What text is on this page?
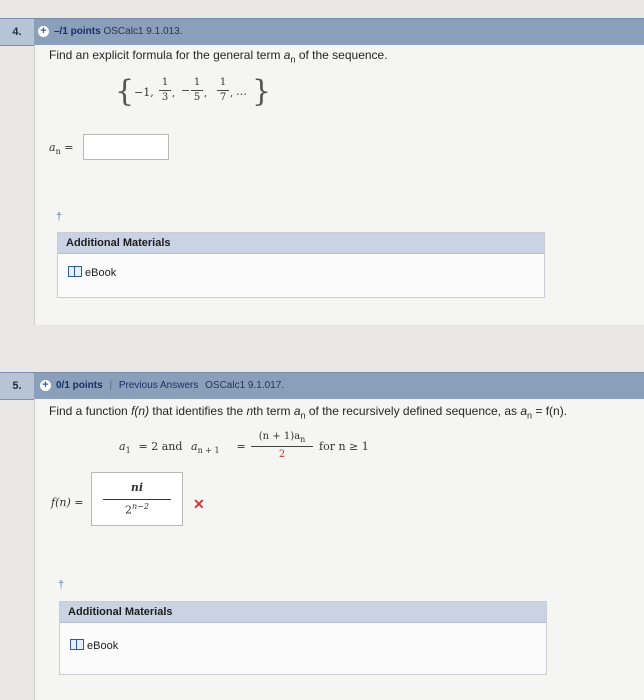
4.	+ –/1 points OSCalc1 9.1.013.
Find an explicit formula for the general term $a_n$ of the sequence.
{ −1,
1
3 , −
1
5 ,
1
7 , … }
$a_n$ =
†
Additional Materials
eBook
5.	+ 0/1 points | Previous Answers OSCalc1 9.1.017.
Find a function f(n) that identifies the nth term $a_n$ of the recursively defined sequence, as $a_n = f(n)$.
$a_1 = 2$ and $a_{n + 1}$ =
$(n + 1)a_n$
2
for n ≥ 1
f(n) =
ni
$2^{n-2}$	✕
†
Additional Materials
eBook
